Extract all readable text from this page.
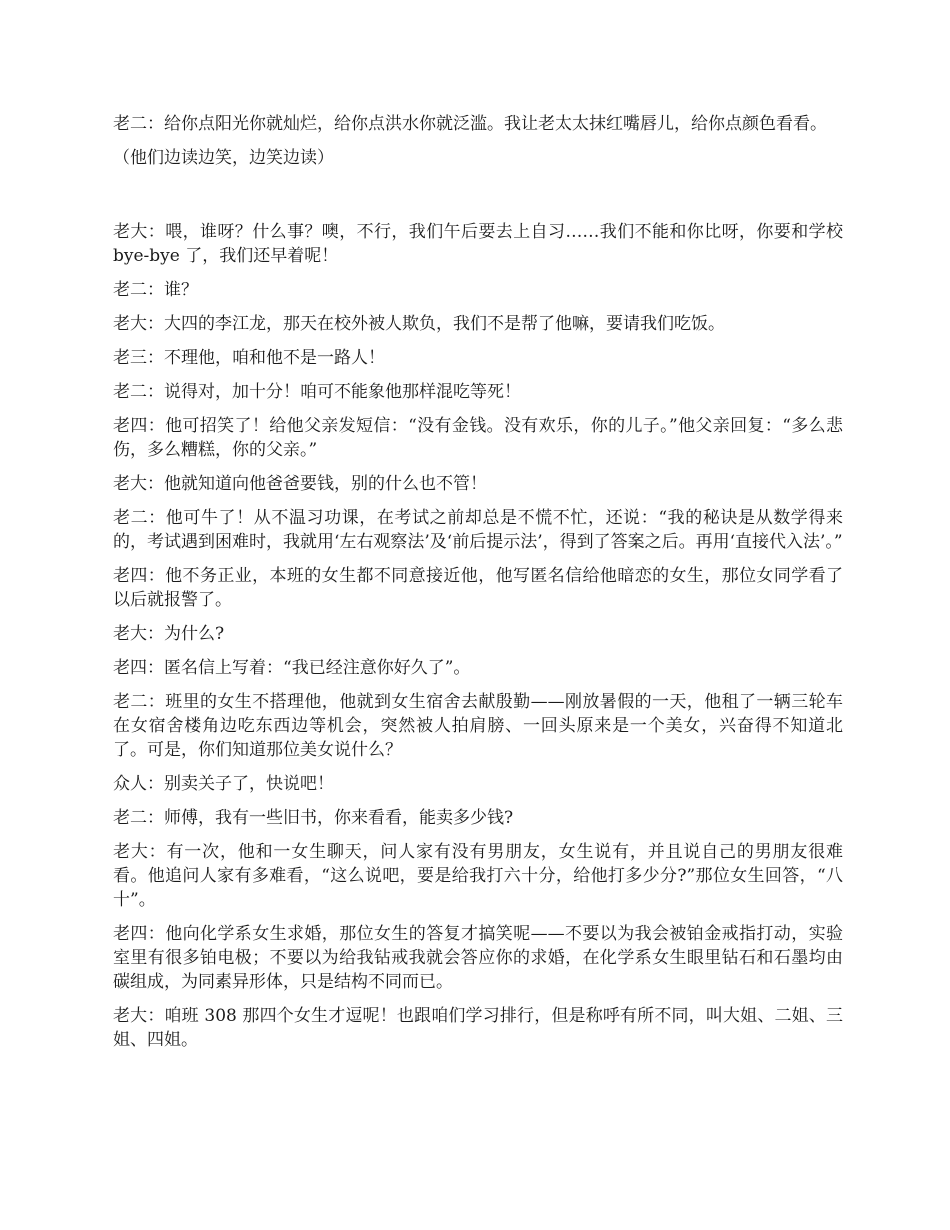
老二：给你点阳光你就灿烂，给你点洪水你就泛滥。我让老太太抹红嘴唇儿，给你点颜色看看。

（他们边读边笑，边笑边读）

老大：喂，谁呀？什么事？噢，不行，我们午后要去上自习……我们不能和你比呀，你要和学校 bye-bye 了，我们还早着呢！

老二：谁？

老大：大四的李江龙，那天在校外被人欺负，我们不是帮了他嘛，要请我们吃饭。

老三：不理他，咱和他不是一路人！

老二：说得对，加十分！咱可不能象他那样混吃等死！

老四：他可招笑了！给他父亲发短信：“没有金钱。没有欢乐，你的儿子。”他父亲回复：“多么悲伤，多么糟糕，你的父亲。”

老大：他就知道向他爸爸要钱，别的什么也不管！

老二：他可牛了！从不温习功课，在考试之前却总是不慌不忙，还说：“我的秘诀是从数学得来的，考试遇到困难时，我就用‘左右观察法’及‘前后提示法’，得到了答案之后。再用‘直接代入法’。”

老四：他不务正业，本班的女生都不同意接近他，他写匿名信给他暗恋的女生，那位女同学看了以后就报警了。

老大：为什么?

老四：匿名信上写着：“我已经注意你好久了”。

老二：班里的女生不搭理他，他就到女生宿舍去献殷勤——刚放暑假的一天，他租了一辆三轮车在女宿舍楼角边吃东西边等机会，突然被人拍肩膀、一回头原来是一个美女，兴奋得不知道北了。可是，你们知道那位美女说什么？

众人：别卖关子了，快说吧！

老二：师傅，我有一些旧书，你来看看，能卖多少钱?

老大：有一次，他和一女生聊天，问人家有没有男朋友，女生说有，并且说自己的男朋友很难看。他追问人家有多难看，“这么说吧，要是给我打六十分，给他打多少分?”那位女生回答，“八十”。

老四：他向化学系女生求婚，那位女生的答复才搞笑呢——不要以为我会被铂金戒指打动，实验室里有很多铂电极；不要以为给我钻戒我就会答应你的求婚，在化学系女生眼里钻石和石墨均由碳组成，为同素异形体，只是结构不同而已。

老大：咱班 308 那四个女生才逗呢！也跟咱们学习排行，但是称呼有所不同，叫大姐、二姐、三姐、四姐。
